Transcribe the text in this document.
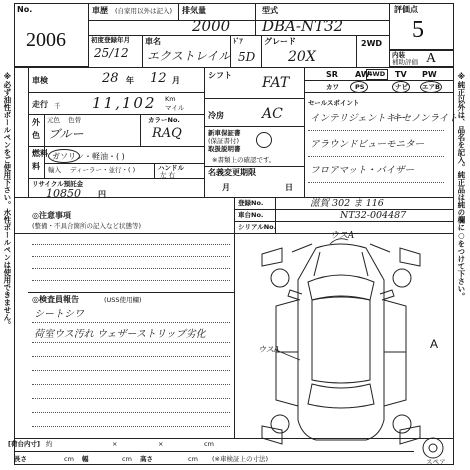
No.
2006
車歴 (自家用以外は記入) 排気量
2000
型式
DBA-NT32
評価点
5
初度登録年月
25/12
車名
エクストレイル
ﾄﾞｱ
5D
グレード
20X
2WD
内装
補助評価 A
車検	28 年 12 月
走行 千 11,102 Km
マイル
外
色
元色 色替
ブルー
カラーNo.
RAQ
燃料
料
ガソリン・軽油・( )
輸入 ディーラー・並行・( )	ハンドル
左 右
リサイクル預託金
10850 円
シフト FAT
冷房	AC
新車保証書
(保証書付)
取扱説明書
※書類上の確認です。
名義変更期限
月	日
SR AW
4WD TV PW
カワ PS	ナビ エアB
セールスポイント
インテリジェントキー
キセノンライト
アラウンドビューモニター
フロアマット・バイザー
登録No.	滋賀 302 ま 116
車台No.	NT32-004487
シリアルNo.
◎注意事項
(整備・不具合箇所の記入など状態等)
◎検査員報告	(USS使用欄)
シートシワ
荷室ウス汚れ ウェザーストリップ劣化
ウスA
ウスA	A
スペア
[荷台内寸] 約	×	×	cm
長さ	cm 幅	cm 高さ	cm (※車検証上の寸法)
※必ず油性ボールペンをご使用下さい。水性ボールペンは使用できません。	※純正以外は、品名を記入。純正品は純の欄に○をつけて下さい。
